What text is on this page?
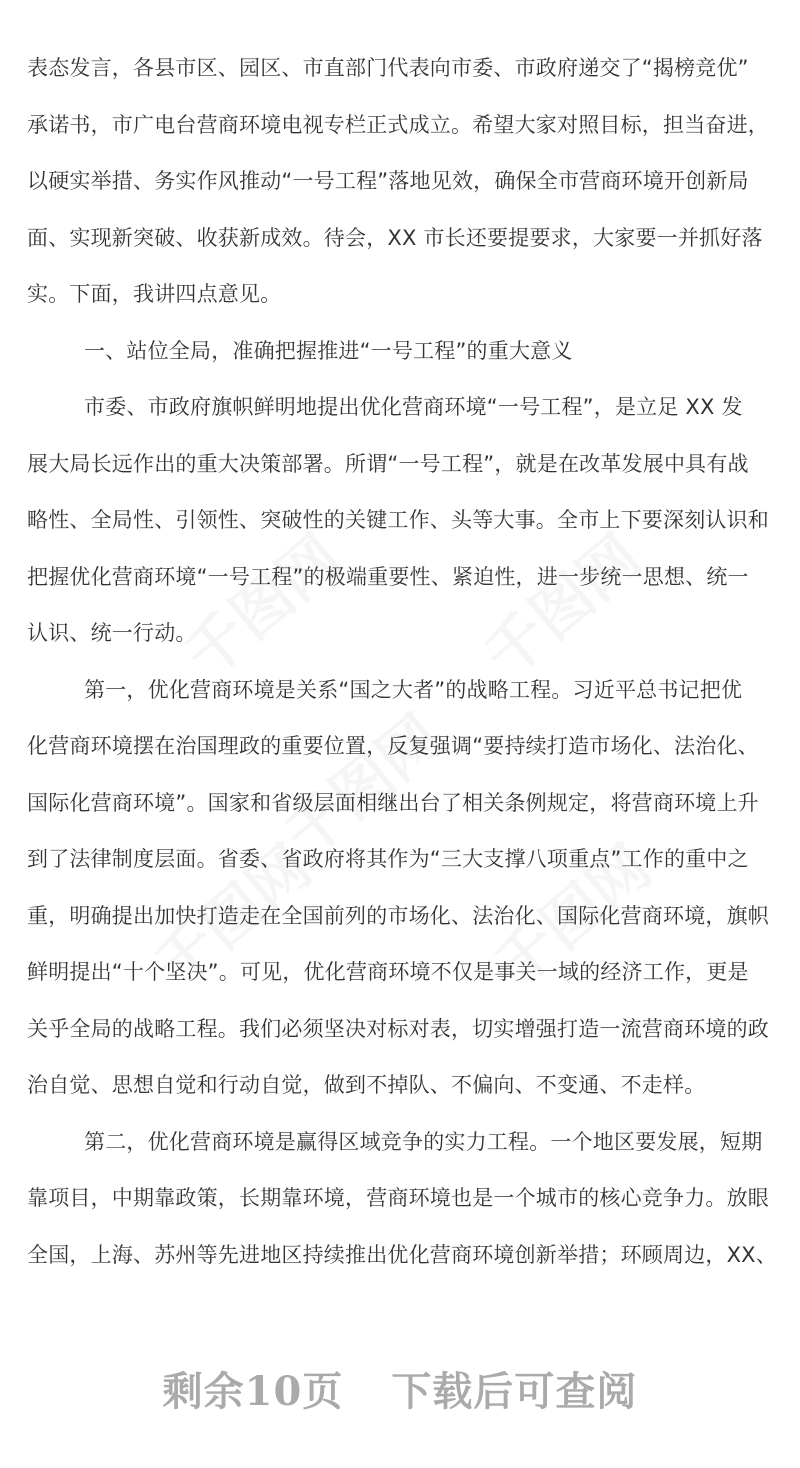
千图网 千图网
千图网
千图网	千图网
表态发言，各县市区、园区、市直部门代表向市委、市政府递交了“揭榜竞优”
承诺书，市广电台营商环境电视专栏正式成立。希望大家对照目标，担当奋进，
以硬实举措、务实作风推动“一号工程”落地见效，确保全市营商环境开创新局
面、实现新突破、收获新成效。待会，XX 市长还要提要求，大家要一并抓好落
实。下面，我讲四点意见。
一、站位全局，准确把握推进“一号工程”的重大意义
市委、市政府旗帜鲜明地提出优化营商环境“一号工程”，是立足 XX 发
展大局长远作出的重大决策部署。所谓“一号工程”，就是在改革发展中具有战
略性、全局性、引领性、突破性的关键工作、头等大事。全市上下要深刻认识和
把握优化营商环境“一号工程”的极端重要性、紧迫性，进一步统一思想、统一
认识、统一行动。
第一，优化营商环境是关系“国之大者”的战略工程。习近平总书记把优
化营商环境摆在治国理政的重要位置，反复强调“要持续打造市场化、法治化、
国际化营商环境”。国家和省级层面相继出台了相关条例规定，将营商环境上升
到了法律制度层面。省委、省政府将其作为“三大支撑八项重点”工作的重中之
重，明确提出加快打造走在全国前列的市场化、法治化、国际化营商环境，旗帜
鲜明提出“十个坚决”。可见，优化营商环境不仅是事关一域的经济工作，更是
关乎全局的战略工程。我们必须坚决对标对表，切实增强打造一流营商环境的政
治自觉、思想自觉和行动自觉，做到不掉队、不偏向、不变通、不走样。
第二，优化营商环境是赢得区域竞争的实力工程。一个地区要发展，短期
靠项目，中期靠政策，长期靠环境，营商环境也是一个城市的核心竞争力。放眼
全国，上海、苏州等先进地区持续推出优化营商环境创新举措；环顾周边，XX、
剩余10页 下载后可查阅
